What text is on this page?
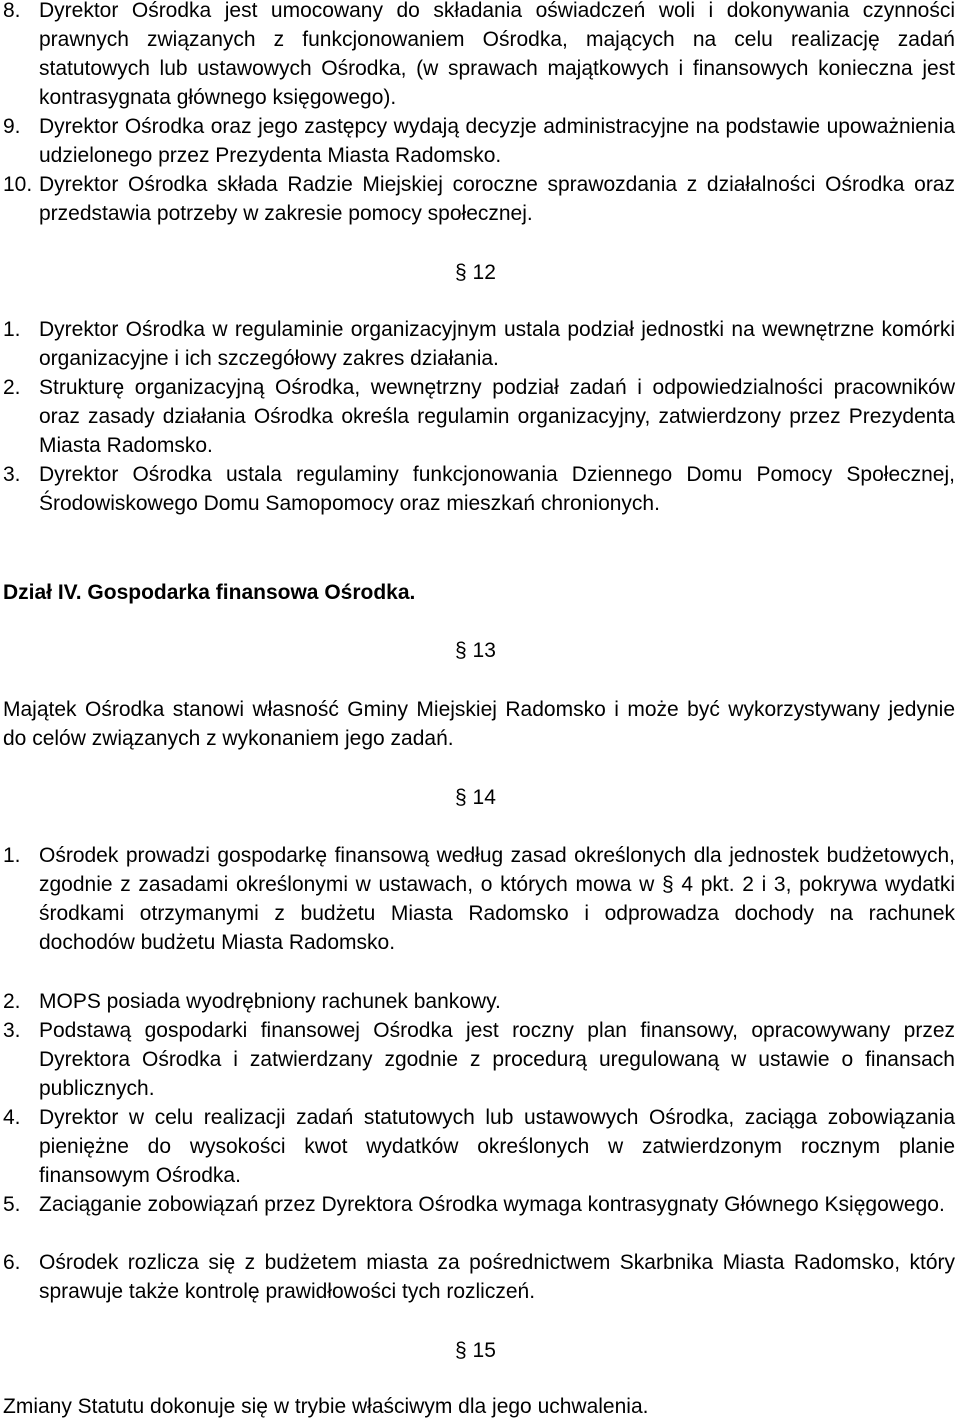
8. Dyrektor Ośrodka jest umocowany do składania oświadczeń woli i dokonywania czynności prawnych związanych z funkcjonowaniem Ośrodka, mających na celu realizację zadań statutowych lub ustawowych Ośrodka, (w sprawach majątkowych i finansowych konieczna jest kontrasygnata głównego księgowego).
9. Dyrektor Ośrodka oraz jego zastępcy wydają decyzje administracyjne na podstawie upoważnienia udzielonego przez Prezydenta Miasta Radomsko.
10. Dyrektor Ośrodka składa Radzie Miejskiej coroczne sprawozdania z działalności Ośrodka oraz przedstawia potrzeby w zakresie pomocy społecznej.
§ 12
1. Dyrektor Ośrodka w regulaminie organizacyjnym ustala podział jednostki na wewnętrzne komórki organizacyjne i ich szczegółowy zakres działania.
2. Strukturę organizacyjną Ośrodka, wewnętrzny podział zadań i odpowiedzialności pracowników oraz zasady działania Ośrodka określa regulamin organizacyjny, zatwierdzony przez Prezydenta Miasta Radomsko.
3. Dyrektor Ośrodka ustala regulaminy funkcjonowania Dziennego Domu Pomocy Społecznej, Środowiskowego Domu Samopomocy oraz mieszkań chronionych.
Dział IV. Gospodarka finansowa Ośrodka.
§ 13
Majątek Ośrodka stanowi własność Gminy Miejskiej Radomsko i może być wykorzystywany jedynie do celów związanych z wykonaniem jego zadań.
§ 14
1. Ośrodek prowadzi gospodarkę finansową według zasad określonych dla jednostek budżetowych, zgodnie z zasadami określonymi w ustawach, o których mowa w § 4 pkt. 2 i 3, pokrywa wydatki środkami otrzymanymi z budżetu Miasta Radomsko i odprowadza dochody na rachunek dochodów budżetu Miasta Radomsko.
2. MOPS posiada wyodrębniony rachunek bankowy.
3. Podstawą gospodarki finansowej Ośrodka jest roczny plan finansowy, opracowywany przez Dyrektora Ośrodka i zatwierdzany zgodnie z procedurą uregulowaną w ustawie o finansach publicznych.
4. Dyrektor w celu realizacji zadań statutowych lub ustawowych Ośrodka, zaciąga zobowiązania pieniężne do wysokości kwot wydatków określonych w zatwierdzonym rocznym planie finansowym Ośrodka.
5. Zaciąganie zobowiązań przez Dyrektora Ośrodka wymaga kontrasygnaty Głównego Księgowego.
6. Ośrodek rozlicza się z budżetem miasta za pośrednictwem Skarbnika Miasta Radomsko, który sprawuje także kontrolę prawidłowości tych rozliczeń.
§ 15
Zmiany Statutu dokonuje się w trybie właściwym dla jego uchwalenia.
